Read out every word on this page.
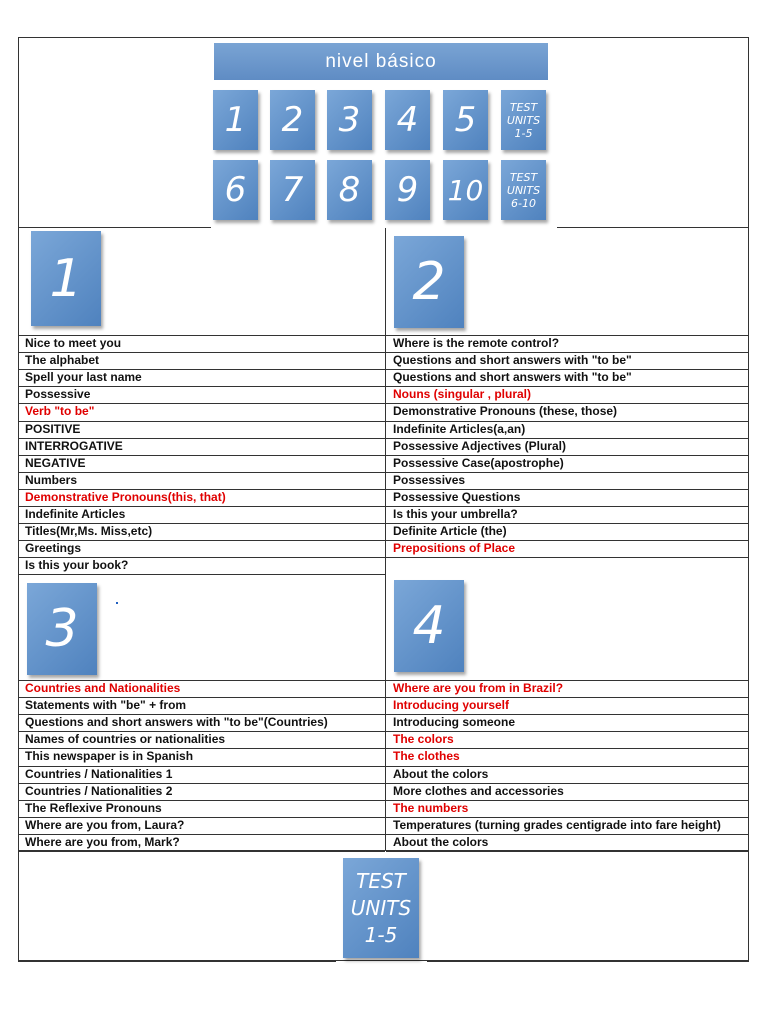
nivel básico
1	2	3	4	5
6	7	8	9	10
TEST
UNITS
1-5
TEST
UNITS
6-10
1	2
3	4
Nice to meet you
The alphabet
Spell your last name
Possessive
Verb "to be"
POSITIVE
INTERROGATIVE
NEGATIVE
Numbers
Demonstrative Pronouns(this, that)
Indefinite Articles
Titles(Mr,Ms. Miss,etc)
Greetings
Is this your book?
Where is the remote control?
Questions and short answers with "to be"
Questions and short answers with "to be"
Nouns (singular , plural)
Demonstrative Pronouns (these, those)
Indefinite Articles(a,an)
Possessive Adjectives (Plural)
Possessive Case(apostrophe)
Possessives
Possessive Questions
Is this your umbrella?
Definite Article (the)
Prepositions of Place
Countries and Nationalities
Statements with "be" + from
Questions and short answers with "to be"(Countries)
Names of countries or nationalities
This newspaper is in Spanish
Countries / Nationalities 1
Countries / Nationalities 2
The Reflexive Pronouns
Where are you from, Laura?
Where are you from, Mark?
Where are you from in Brazil?
Introducing yourself
Introducing someone
The colors
The clothes
About the colors
More clothes and accessories
The numbers
Temperatures (turning grades centigrade into fare height)
About the colors
TEST
UNITS
1-5
